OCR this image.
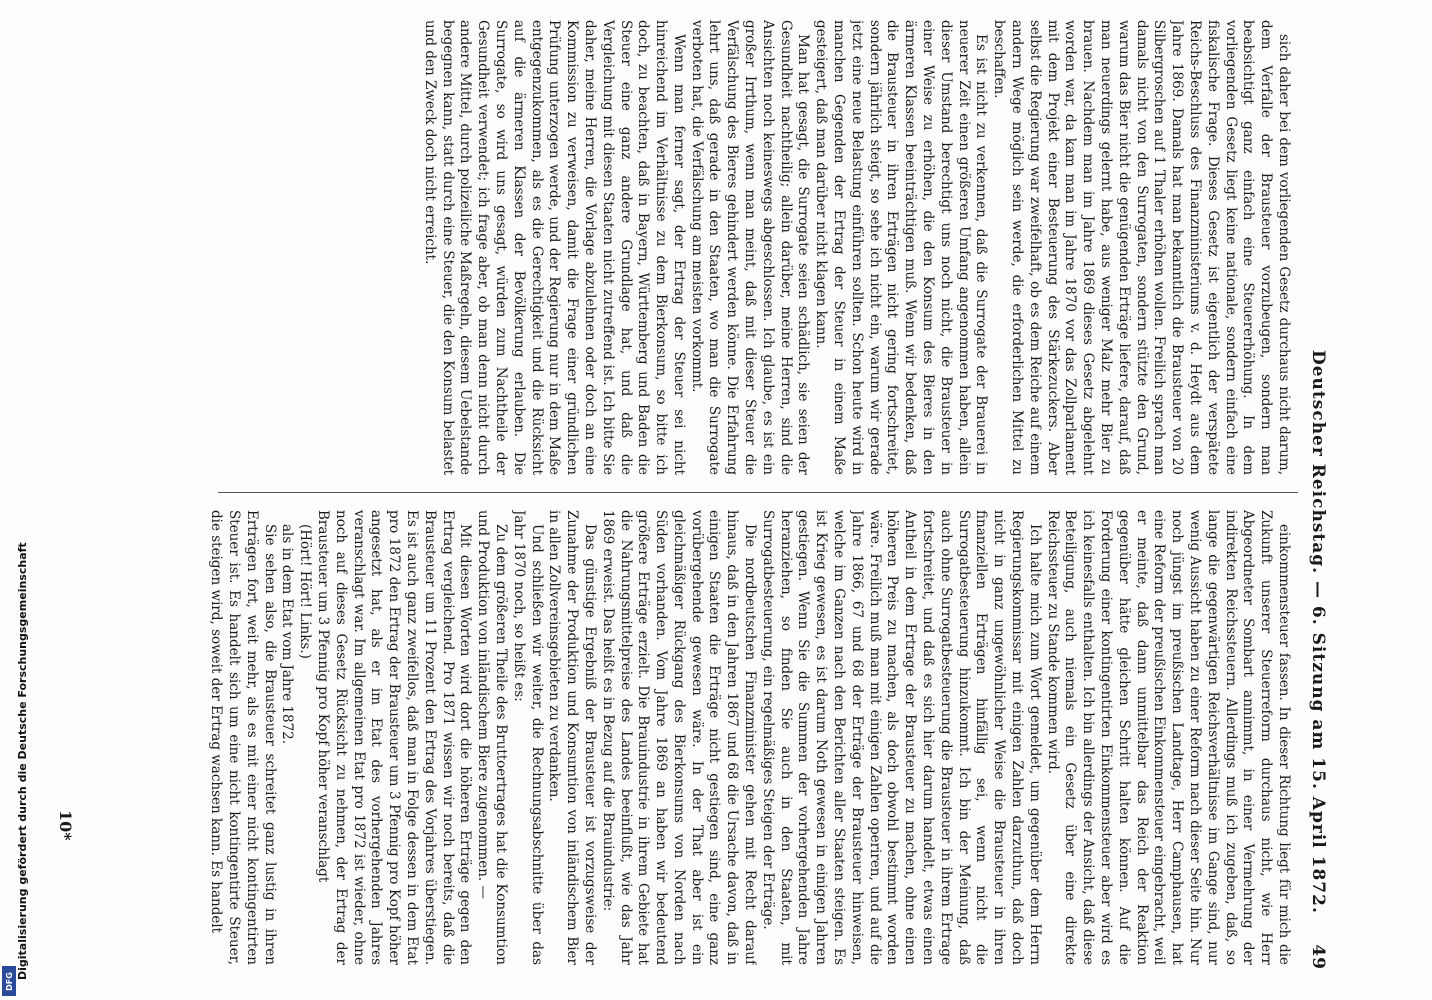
Digitalisierung gefördert durch die Deutsche Forschungsgemeinschaft
DFG
Deutscher Reichstag. — 6. Sitzung am 15. April 1872.
49

sich daher bei dem vorliegenden Gesetz durchaus nicht darum, dem Verfalle der Brausteuer vorzubeugen, sondern man beabsichtigt ganz einfach eine Steuererhöhung. In dem vorliegenden Gesetz liegt keine nationale, sondern einfach eine fiskalische Frage. Dieses Gesetz ist eigentlich der verspätete Reichs-Beschluss des Finanzministeriums v. d. Heydt aus dem Jahre 1869. Damals hat man bekanntlich die Brausteuer von 20 Silbergroschen auf 1 Thaler erhöhen wollen. Freilich sprach man damals nicht von den Surrogaten, sondern stützte den Grund, warum das Bier nicht die genügenden Erträge liefere, darauf, daß man neuerdings gelernt habe, aus weniger Malz mehr Bier zu brauen. Nachdem man im Jahre 1869 dieses Gesetz abgelehnt worden war, da kam man im Jahre 1870 vor das Zollparlament mit dem Projekt einer Besteuerung des Stärkezuckers. Aber selbst die Regierung war zweifelhaft, ob es dem Reiche auf einem andern Wege möglich sein werde, die erforderlichen Mittel zu beschaffen.

Es ist nicht zu verkennen, daß die Surrogate der Brauerei in neuerer Zeit einen größeren Umfang angenommen haben, allein dieser Umstand berechtigt uns noch nicht, die Brausteuer in einer Weise zu erhöhen, die den Konsum des Bieres in den ärmeren Klassen beeinträchtigen muß. Wenn wir bedenken, daß die Brausteuer in ihren Erträgen nicht gering fortschreitet, sondern jährlich steigt, so sehe ich nicht ein, warum wir gerade jetzt eine neue Belastung einführen sollten. Schon heute wird in manchen Gegenden der Ertrag der Steuer in einem Maße gesteigert, daß man darüber nicht klagen kann.

Man hat gesagt, die Surrogate seien schädlich, sie seien der Gesundheit nachtheilig; allein darüber, meine Herren, sind die Ansichten noch keineswegs abgeschlossen. Ich glaube, es ist ein großer Irrthum, wenn man meint, daß mit dieser Steuer die Verfälschung des Bieres gehindert werden könne. Die Erfahrung lehrt uns, daß gerade in den Staaten, wo man die Surrogate verboten hat, die Verfälschung am meisten vorkommt.

Wenn man ferner sagt, der Ertrag der Steuer sei nicht hinreichend im Verhältnisse zu dem Bierkonsum, so bitte ich doch, zu beachten, daß in Bayern, Württemberg und Baden die Steuer eine ganz andere Grundlage hat, und daß die Vergleichung mit diesen Staaten nicht zutreffend ist. Ich bitte Sie daher, meine Herren, die Vorlage abzulehnen oder doch an eine Kommission zu verweisen, damit die Frage einer gründlichen Prüfung unterzogen werde, und der Regierung nur in dem Maße entgegenzukommen, als es die Gerechtigkeit und die Rücksicht auf die ärmeren Klassen der Bevölkerung erlauben. Die Surrogate, so wird uns gesagt, würden zum Nachtheile der Gesundheit verwendet; ich frage aber, ob man denn nicht durch andere Mittel, durch polizeiliche Maßregeln, diesem Uebelstande begegnen kann, statt durch eine Steuer, die den Konsum belastet und den Zweck doch nicht erreicht.

einkommensteuer fassen. In dieser Richtung liegt für mich die Zukunft unserer Steuerreform durchaus nicht, wie Herr Abgeordneter Sombart annimmt, in einer Vermehrung der indirekten Reichssteuern. Allerdings muß ich zugeben, daß, so lange die gegenwärtigen Reichsverhältnisse im Gange sind, nur wenig Aussicht haben zu einer Reform nach dieser Seite hin. Nur noch jüngst im preußischen Landtage, Herr Camphausen, hat eine Reform der preußischen Einkommensteuer eingebracht, weil er meinte, daß dann unmittelbar das Reich der Reaktion gegenüber hätte gleichen Schritt halten können. Auf die Forderung einer kontingentirten Einkommensteuer aber wird es ich keinesfalls enthalten. Ich bin allerdings der Ansicht, daß diese Beteiligung, auch niemals ein Gesetz über eine direkte Reichssteuer zu Stande kommen wird.

Ich halte mich zum Wort gemeldet, um gegenüber dem Herrn Regierungskommissar mit einigen Zahlen darzuthun, daß doch nicht in ganz ungewöhnlicher Weise die Brausteuer in ihren finanziellen Erträgen hinfällig sei, wenn nicht die Surrogatbesteuerung hinzukommt. Ich bin der Meinung, daß auch ohne Surrogatbesteuerung die Brausteuer in ihrem Ertrage fortschreitet, und daß es sich hier darum handelt, etwas einen Antheil in dem Ertrage der Brausteuer zu machen, ohne einen höheren Preis zu machen, als doch obwohl bestimmt worden wäre. Freilich muß man mit einigen Zahlen operiren, und auf die Jahre 1866, 67 und 68 der Erträge der Brausteuer hinweisen, welche im Ganzen nach den Berichten aller Staaten steigen. Es ist Krieg gewesen, es ist darum Noth gewesen in einigen Jahren gestiegen. Wenn Sie die Summen der vorhergehenden Jahre heranziehen, so finden Sie auch in den Staaten, mit Surrogatbesteuerung, ein regelmäßiges Steigen der Erträge.

Die nordbeutschen Finanzminister gehen mit Recht darauf hinaus, daß in den Jahren 1867 und 68 die Ursache davon, daß in einigen Staaten die Erträge nicht gestiegen sind, eine ganz vorübergehende gewesen wäre. In der That aber ist ein gleichmäßiger Rückgang des Bierkonsums von Norden nach Süden vorhanden. Vom Jahre 1869 an haben wir bedeutend größere Erträge erzielt. Die Brauindustrie in ihrem Gebiete hat die Nahrungsmittelpreise des Landes beeinflußt, wie das Jahr 1869 erweist. Das heißt es in Bezug auf die Brauindustrie:

Das günstige Ergebniß der Brausteuer ist vorzugsweise der Zunahme der Produktion und Konsumtion von inländischem Bier in allen Zollvereinsgebieten zu verdanken.

Und schließen wir weiter, die Rechnungsabschnitte über das Jahr 1870 noch, so heißt es:

Zu dem größeren Theile des Bruttoertrages hat die Konsumtion und Produktion von inländischem Biere zugenommen. —

Mit diesen Worten wird dort die höheren Erträge gegen den Ertrag vergleichend. Pro 1871 wissen wir noch bereits, daß die Brausteuer um 11 Prozent den Ertrag des Vorjahres überstiegen. Es ist auch ganz zweifellos, daß man in Folge dessen in dem Etat pro 1872 den Ertrag der Brausteuer um 3 Pfennig pro Kopf höher angesetzt hat, als er im Etat des vorhergehenden Jahres veranschlagt war. Im allgemeinen Etat pro 1872 ist wieder, ohne noch auf dieses Gesetz Rücksicht zu nehmen, der Ertrag der Brausteuer um 3 Pfennig pro Kopf höher veranschlagt

(Hört! Hört! Links.)

als in dem Etat vom Jahre 1872.

Sie sehen also, die Brausteuer schreitet ganz lustig in ihren Erträgen fort, weit mehr, als es mit einer nicht kontingentirten Steuer ist. Es handelt sich um eine nicht kontingentirte Steuer, die steigen wird, soweit der Ertrag wachsen kann. Es handelt

10*
